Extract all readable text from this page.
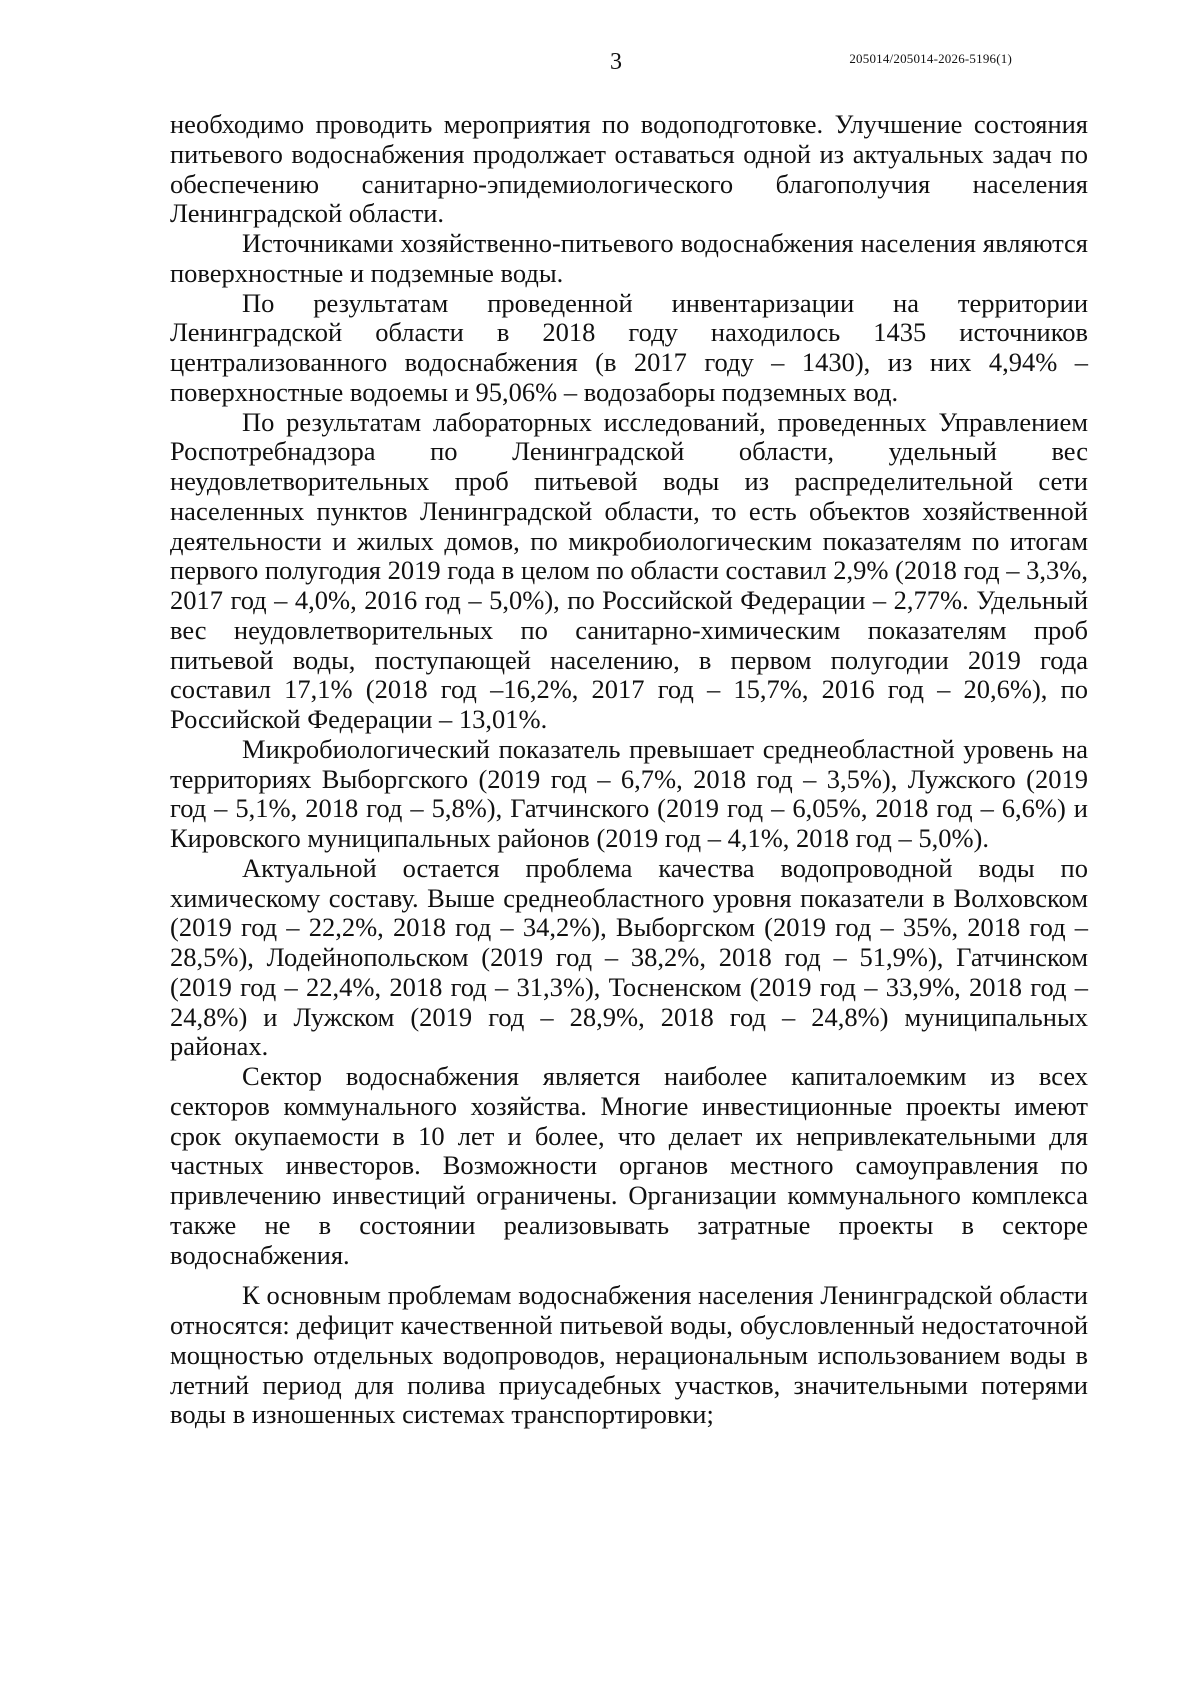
3	205014/205014-2026-5196(1)

необходимо проводить мероприятия по водоподготовке. Улучшение состояния питьевого водоснабжения продолжает оставаться одной из актуальных задач по обеспечению санитарно-эпидемиологического благополучия населения Ленинградской области.

Источниками хозяйственно-питьевого водоснабжения населения являются поверхностные и подземные воды.

По результатам проведенной инвентаризации на территории Ленинградской области в 2018 году находилось 1435 источников централизованного водоснабжения (в 2017 году – 1430), из них 4,94% – поверхностные водоемы и 95,06% – водозаборы подземных вод.

По результатам лабораторных исследований, проведенных Управлением Роспотребнадзора по Ленинградской области, удельный вес неудовлетворительных проб питьевой воды из распределительной сети населенных пунктов Ленинградской области, то есть объектов хозяйственной деятельности и жилых домов, по микробиологическим показателям по итогам первого полугодия 2019 года в целом по области составил 2,9% (2018 год – 3,3%, 2017 год – 4,0%, 2016 год – 5,0%), по Российской Федерации – 2,77%. Удельный вес неудовлетворительных по санитарно-химическим показателям проб питьевой воды, поступающей населению, в первом полугодии 2019 года составил 17,1% (2018 год –16,2%, 2017 год – 15,7%, 2016 год – 20,6%), по Российской Федерации – 13,01%.

Микробиологический показатель превышает среднеобластной уровень на территориях Выборгского (2019 год – 6,7%, 2018 год – 3,5%), Лужского (2019 год – 5,1%, 2018 год – 5,8%), Гатчинского (2019 год – 6,05%, 2018 год – 6,6%) и Кировского муниципальных районов (2019 год – 4,1%, 2018 год – 5,0%).

Актуальной остается проблема качества водопроводной воды по химическому составу. Выше среднеобластного уровня показатели в Волховском (2019 год – 22,2%, 2018 год – 34,2%), Выборгском (2019 год – 35%, 2018 год – 28,5%), Лодейнопольском (2019 год – 38,2%, 2018 год – 51,9%), Гатчинском (2019 год – 22,4%, 2018 год – 31,3%), Тосненском (2019 год – 33,9%, 2018 год – 24,8%) и Лужском (2019 год – 28,9%, 2018 год – 24,8%) муниципальных районах.

Сектор водоснабжения является наиболее капиталоемким из всех секторов коммунального хозяйства. Многие инвестиционные проекты имеют срок окупаемости в 10 лет и более, что делает их непривлекательными для частных инвесторов. Возможности органов местного самоуправления по привлечению инвестиций ограничены. Организации коммунального комплекса также не в состоянии реализовывать затратные проекты в секторе водоснабжения.

К основным проблемам водоснабжения населения Ленинградской области относятся: дефицит качественной питьевой воды, обусловленный недостаточной мощностью отдельных водопроводов, нерациональным использованием воды в летний период для полива приусадебных участков, значительными потерями воды в изношенных системах транспортировки;
